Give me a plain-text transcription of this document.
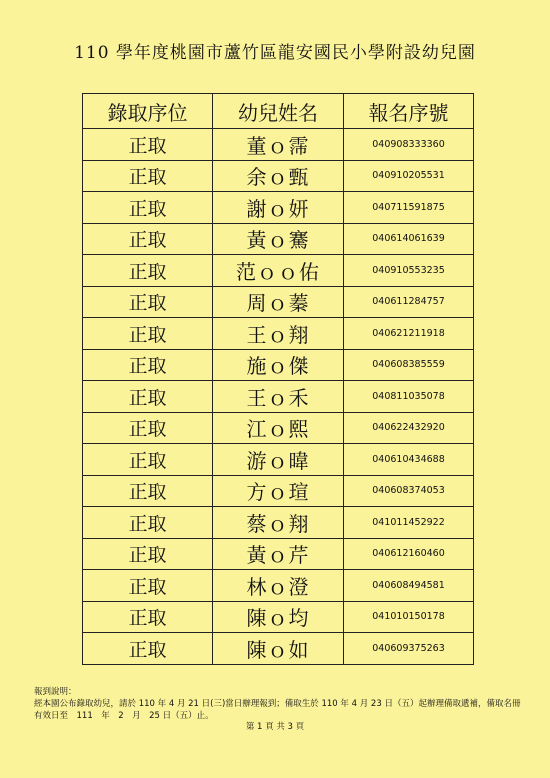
110 學年度桃園市蘆竹區龍安國民小學附設幼兒園
錄取序位	幼兒姓名	報名序號
正取	董ｏ霈	040908333360
正取	余ｏ甄	040910205531
正取	謝ｏ妍	040711591875
正取	黃ｏ騫	040614061639
正取	范ｏｏ佑	040910553235
正取	周ｏ蓁	040611284757
正取	王ｏ翔	040621211918
正取	施ｏ傑	040608385559
正取	王ｏ禾	040811035078
正取	江ｏ熙	040622432920
正取	游ｏ暐	040610434688
正取	方ｏ瑄	040608374053
正取	蔡ｏ翔	041011452922
正取	黃ｏ芹	040612160460
正取	林ｏ澄	040608494581
正取	陳ｏ均	041010150178
正取	陳ｏ如	040609375263
報到說明：
經本園公布錄取幼兒，請於 110 年 4 月 21 日(三)當日辦理報到；備取生於 110 年 4 月 23 日（五）起辦理備取遞補，備取名冊
有效日至　111　年　2　月　25 日（五）止。
第 1 頁 共 3 頁
